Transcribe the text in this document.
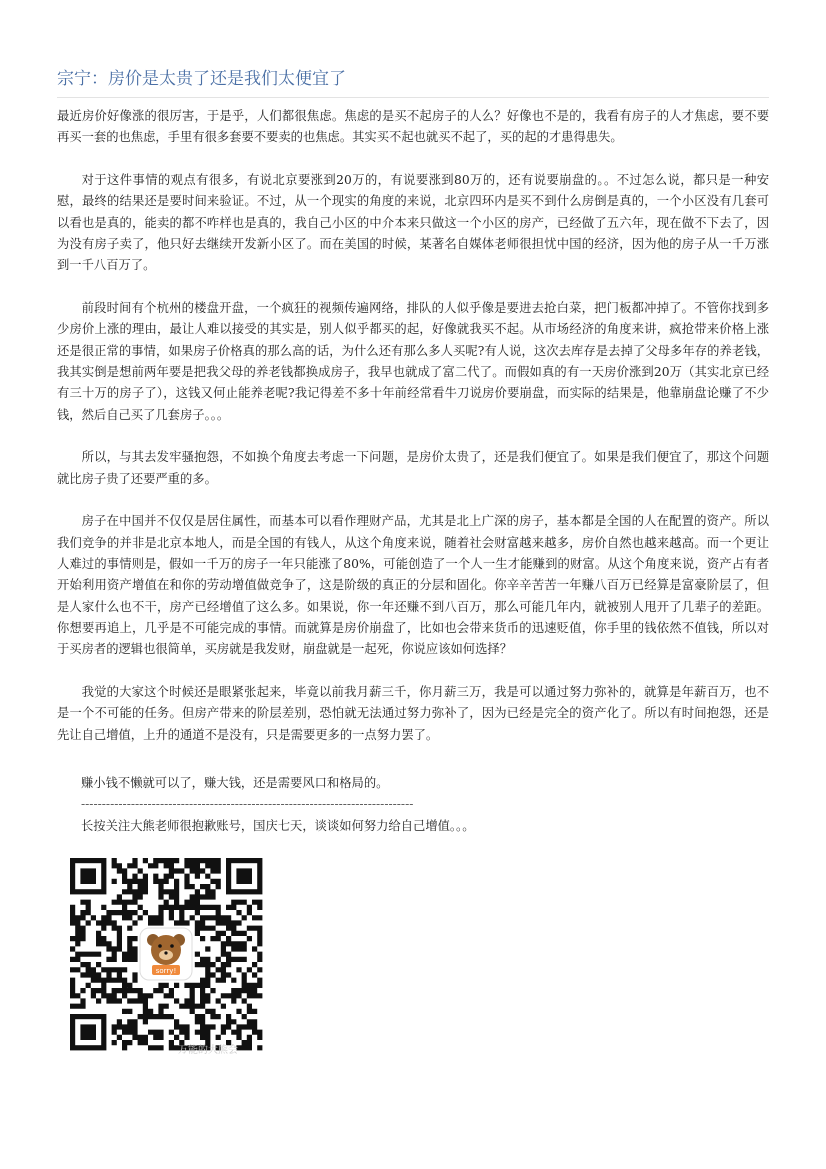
宗宁：房价是太贵了还是我们太便宜了

最近房价好像涨的很厉害，于是乎，人们都很焦虑。焦虑的是买不起房子的人么？好像也不是的，我看有房子的人才焦虑，要不要再买一套的也焦虑，手里有很多套要不要卖的也焦虑。其实买不起也就买不起了，买的起的才患得患失。

对于这件事情的观点有很多，有说北京要涨到20万的，有说要涨到80万的，还有说要崩盘的。。不过怎么说，都只是一种安慰，最终的结果还是要时间来验证。不过，从一个现实的角度的来说，北京四环内是买不到什么房倒是真的，一个小区没有几套可以看也是真的，能卖的都不咋样也是真的，我自己小区的中介本来只做这一个小区的房产，已经做了五六年，现在做不下去了，因为没有房子卖了，他只好去继续开发新小区了。而在美国的时候，某著名自媒体老师很担忧中国的经济，因为他的房子从一千万涨到一千八百万了。

前段时间有个杭州的楼盘开盘，一个疯狂的视频传遍网络，排队的人似乎像是要进去抢白菜，把门板都冲掉了。不管你找到多少房价上涨的理由，最让人难以接受的其实是，别人似乎都买的起，好像就我买不起。从市场经济的角度来讲，疯抢带来价格上涨还是很正常的事情，如果房子价格真的那么高的话，为什么还有那么多人买呢?有人说，这次去库存是去掉了父母多年存的养老钱，我其实倒是想前两年要是把我父母的养老钱都换成房子，我早也就成了富二代了。而假如真的有一天房价涨到20万（其实北京已经有三十万的房子了），这钱又何止能养老呢?我记得差不多十年前经常看牛刀说房价要崩盘，而实际的结果是，他靠崩盘论赚了不少钱，然后自己买了几套房子。。。

所以，与其去发牢骚抱怨，不如换个角度去考虑一下问题，是房价太贵了，还是我们便宜了。如果是我们便宜了，那这个问题就比房子贵了还要严重的多。

房子在中国并不仅仅是居住属性，而基本可以看作理财产品，尤其是北上广深的房子，基本都是全国的人在配置的资产。所以我们竞争的并非是北京本地人，而是全国的有钱人，从这个角度来说，随着社会财富越来越多，房价自然也越来越高。而一个更让人难过的事情则是，假如一千万的房子一年只能涨了80%，可能创造了一个人一生才能赚到的财富。从这个角度来说，资产占有者开始利用资产增值在和你的劳动增值做竞争了，这是阶级的真正的分层和固化。你辛辛苦苦一年赚八百万已经算是富豪阶层了，但是人家什么也不干，房产已经增值了这么多。如果说，你一年还赚不到八百万，那么可能几年内，就被别人甩开了几辈子的差距。你想要再追上，几乎是不可能完成的事情。而就算是房价崩盘了，比如也会带来货币的迅速贬值，你手里的钱依然不值钱，所以对于买房者的逻辑也很简单，买房就是我发财，崩盘就是一起死，你说应该如何选择？

我觉的大家这个时候还是眼紧张起来，毕竟以前我月薪三千，你月薪三万，我是可以通过努力弥补的，就算是年薪百万，也不是一个不可能的任务。但房产带来的阶层差别，恐怕就无法通过努力弥补了，因为已经是完全的资产化了。所以有时间抱怨，还是先让自己增值，上升的通道不是没有，只是需要更多的一点努力罢了。

赚小钱不懒就可以了，赚大钱，还是需要风口和格局的。
--------------------------------------------------------------------------------
长按关注大熊老师很抱歉账号，国庆七天，谈谈如何努力给自己增值。。。
sorry!
万能的大熊会
